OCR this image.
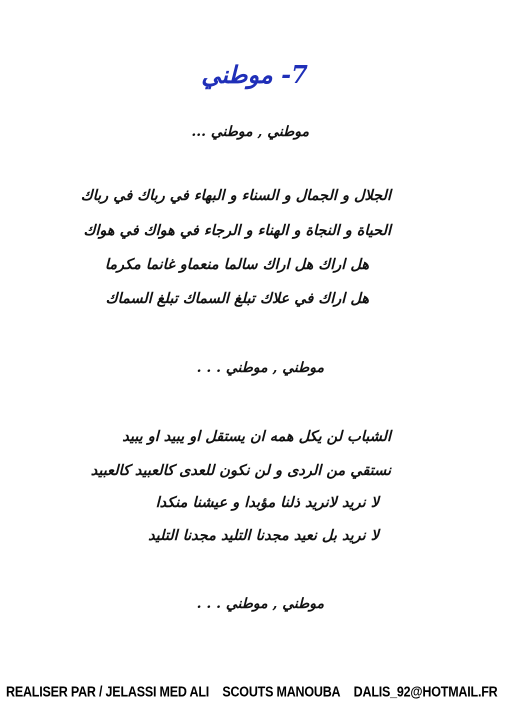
7- موطني
موطني , موطني ...
الجلال و الجمال و السناء و البهاء في رباك في رباك
الحياة و النجاة و الهناء و الرجاء في هواك في هواك
هل اراك هل اراك سالما منعماو غانما مكرما
هل اراك في علاك تبلغ السماك تبلغ السماك
موطني , موطني . . .
الشباب لن يكل همه ان يستقل او يبيد او يبيد
نستقي من الردى و لن نكون للعدى كالعبيد كالعبيد
لا نريد لانريد ذلنا مؤبدا و عيشنا منكدا
لا نريد بل نعيد مجدنا التليد مجدنا التليد
موطني , موطني . . .
REALISER PAR / JELASSI MED ALI SCOUTS MANOUBA DALIS_92@HOTMAIL.FR
